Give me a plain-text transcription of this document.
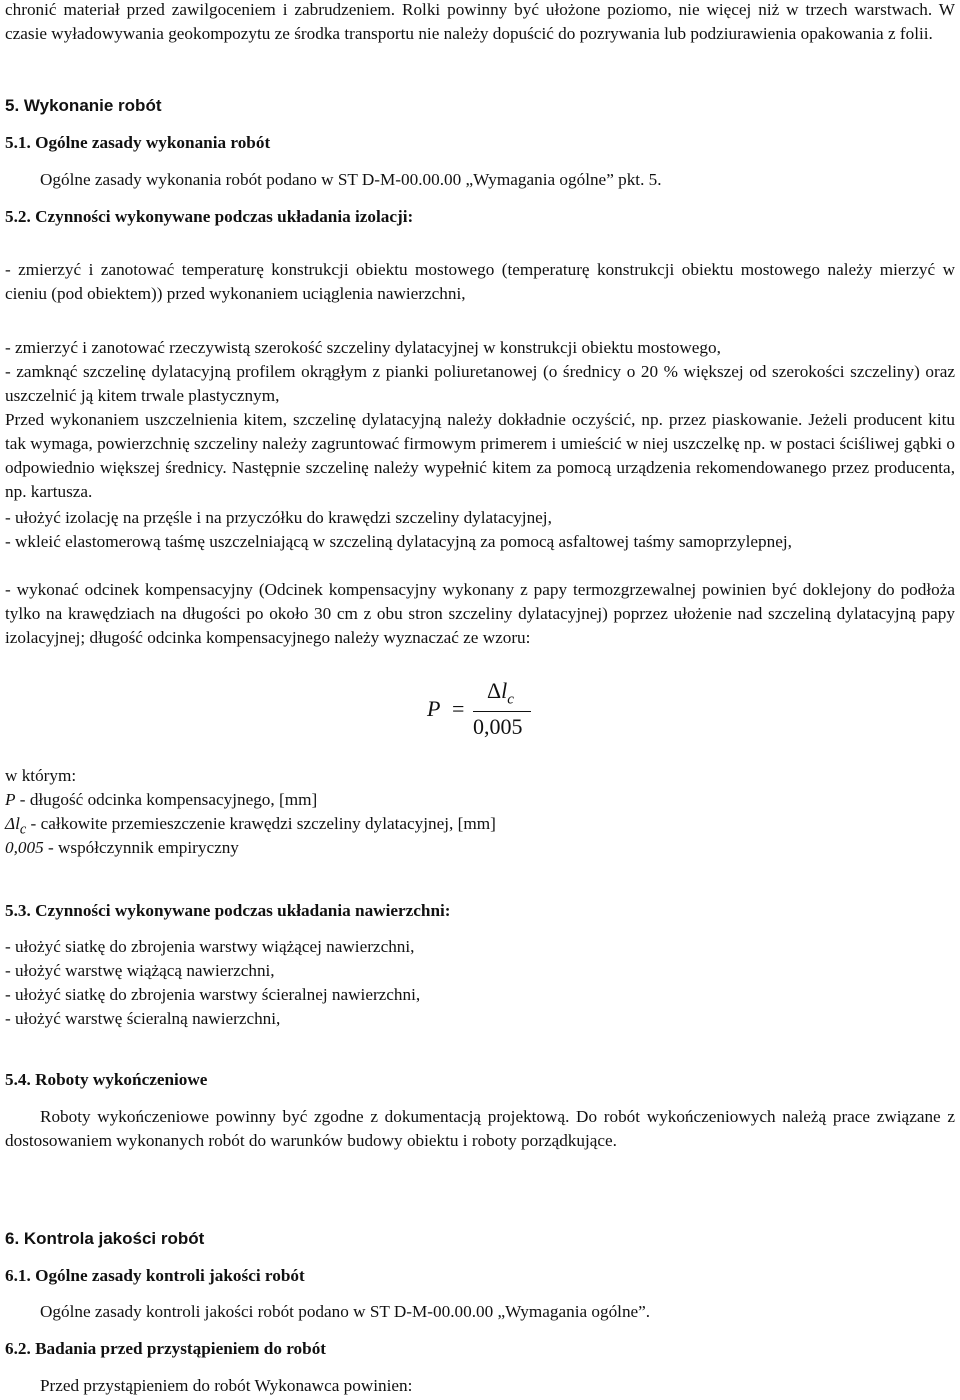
chronić materiał przed zawilgoceniem i zabrudzeniem. Rolki powinny być ułożone poziomo, nie więcej niż w trzech warstwach. W czasie wyładowywania geokompozytu ze środka transportu nie należy dopuścić do pozrywania lub podziurawienia opakowania z folii.

5. Wykonanie robót

5.1. Ogólne zasady wykonania robót

Ogólne zasady wykonania robót podano w ST D-M-00.00.00 „Wymagania ogólne” pkt. 5.

5.2. Czynności wykonywane podczas układania izolacji:

- zmierzyć i zanotować temperaturę konstrukcji obiektu mostowego (temperaturę konstrukcji obiektu mostowego należy mierzyć w cieniu (pod obiektem)) przed wykonaniem uciąglenia nawierzchni,

- zmierzyć i zanotować rzeczywistą szerokość szczeliny dylatacyjnej w konstrukcji obiektu mostowego,

- zamknąć szczelinę dylatacyjną profilem okrągłym z pianki poliuretanowej (o średnicy o 20 % większej od szerokości szczeliny) oraz uszczelnić ją kitem trwale plastycznym,

Przed wykonaniem uszczelnienia kitem, szczelinę dylatacyjną należy dokładnie oczyścić, np. przez piaskowanie. Jeżeli producent kitu tak wymaga, powierzchnię szczeliny należy zagruntować firmowym primerem i umieścić w niej uszczelkę np. w postaci ściśliwej gąbki o odpowiednio większej średnicy. Następnie szczelinę należy wypełnić kitem za pomocą urządzenia rekomendowanego przez producenta, np. kartusza.

- ułożyć izolację na przęśle i na przyczółku do krawędzi szczeliny dylatacyjnej,

- wkleić elastomerową taśmę uszczelniającą w szczeliną dylatacyjną za pomocą asfaltowej taśmy samoprzylepnej,

- wykonać odcinek kompensacyjny (Odcinek kompensacyjny wykonany z papy termozgrzewalnej powinien być doklejony do podłoża tylko na krawędziach na długości po około 30 cm z obu stron szczeliny dylatacyjnej) poprzez ułożenie nad szczeliną dylatacyjną papy izolacyjnej; długość odcinka kompensacyjnego należy wyznaczać ze wzoru:

P =
$\Delta l_c$
0,005

w którym:

P - długość odcinka kompensacyjnego, [mm]

$\Delta l_c$ - całkowite przemieszczenie krawędzi szczeliny dylatacyjnej, [mm]

0,005 - współczynnik empiryczny

5.3. Czynności wykonywane podczas układania nawierzchni:

- ułożyć siatkę do zbrojenia warstwy wiążącej nawierzchni,

- ułożyć warstwę wiążącą nawierzchni,

- ułożyć siatkę do zbrojenia warstwy ścieralnej nawierzchni,

- ułożyć warstwę ścieralną nawierzchni,

5.4. Roboty wykończeniowe

Roboty wykończeniowe powinny być zgodne z dokumentacją projektową. Do robót wykończeniowych należą prace związane z dostosowaniem wykonanych robót do warunków budowy obiektu i roboty porządkujące.

6. Kontrola jakości robót

6.1. Ogólne zasady kontroli jakości robót

Ogólne zasady kontroli jakości robót podano w ST D-M-00.00.00 „Wymagania ogólne”.

6.2. Badania przed przystąpieniem do robót

Przed przystąpieniem do robót Wykonawca powinien:
